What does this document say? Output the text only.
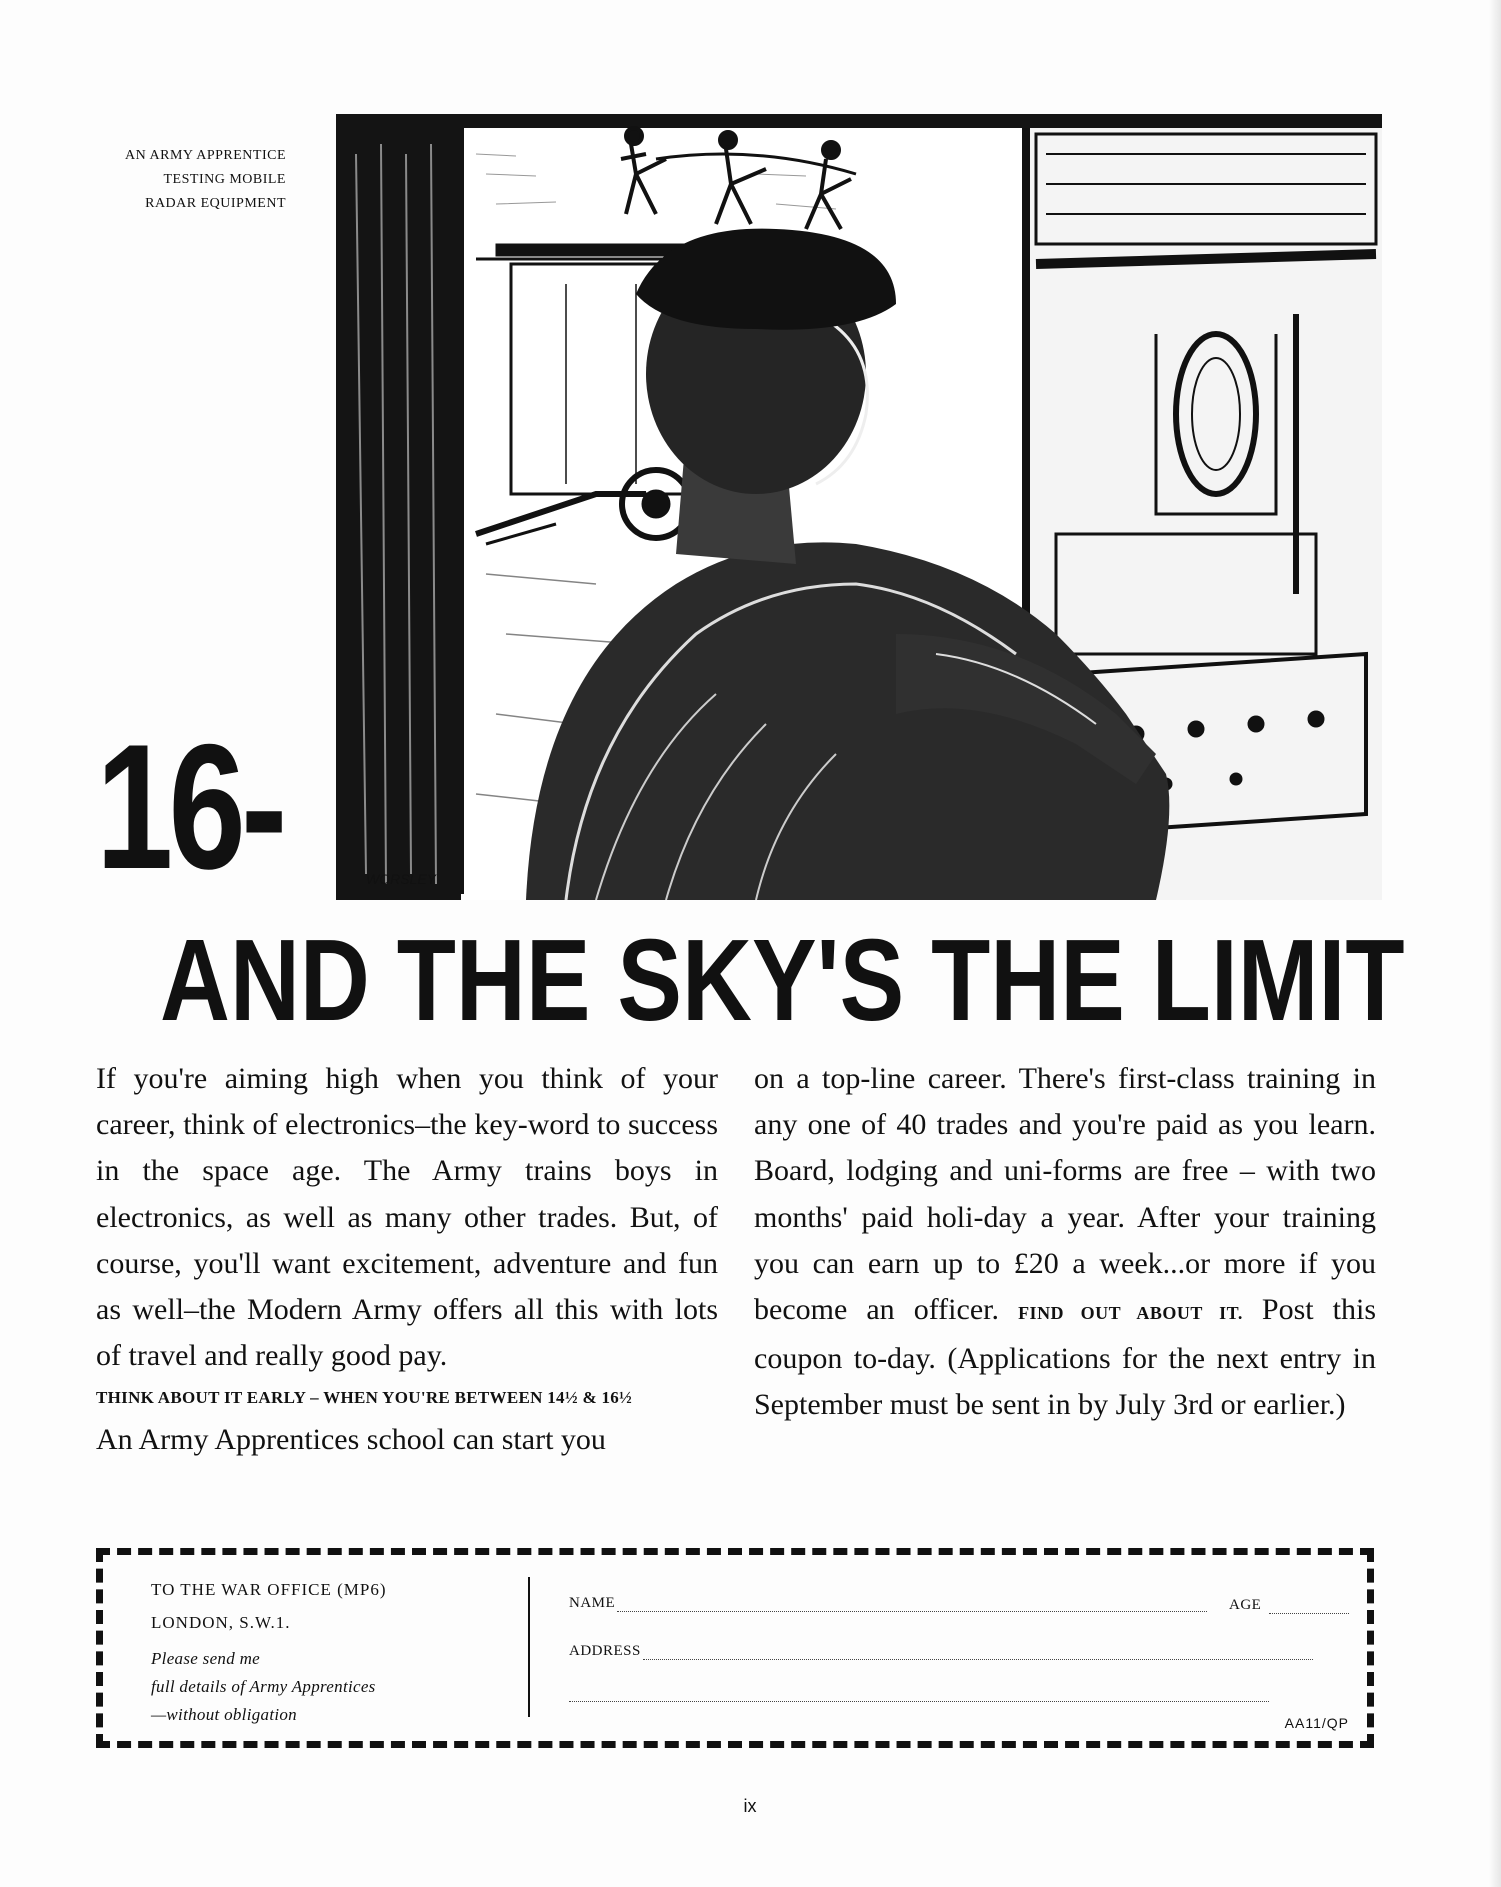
AN ARMY APPRENTICE
TESTING MOBILE
RADAR EQUIPMENT
WORSLEY
16-
AND THE SKY'S THE LIMIT

If you're aiming high when you think of your career, think of electronics–the key-word to success in the space age. The Army trains boys in electronics, as well as many other trades. But, of course, you'll want excitement, adventure and fun as well–the Modern Army offers all this with lots of travel and really good pay.

THINK ABOUT IT EARLY – WHEN YOU'RE BETWEEN 14½ & 16½

An Army Apprentices school can start you

on a top-line career. There's first-class training in any one of 40 trades and you're paid as you learn. Board, lodging and uni-forms are free – with two months' paid holi-day a year. After your training you can earn up to £20 a week...or more if you become an officer. FIND OUT ABOUT IT. Post this coupon to-day. (Applications for the next entry in September must be sent in by July 3rd or earlier.)

TO THE WAR OFFICE (MP6)
LONDON, S.W.1.
Please send me
full details of Army Apprentices
—without obligation
NAME	AGE
ADDRESS
AA11/QP
ix
